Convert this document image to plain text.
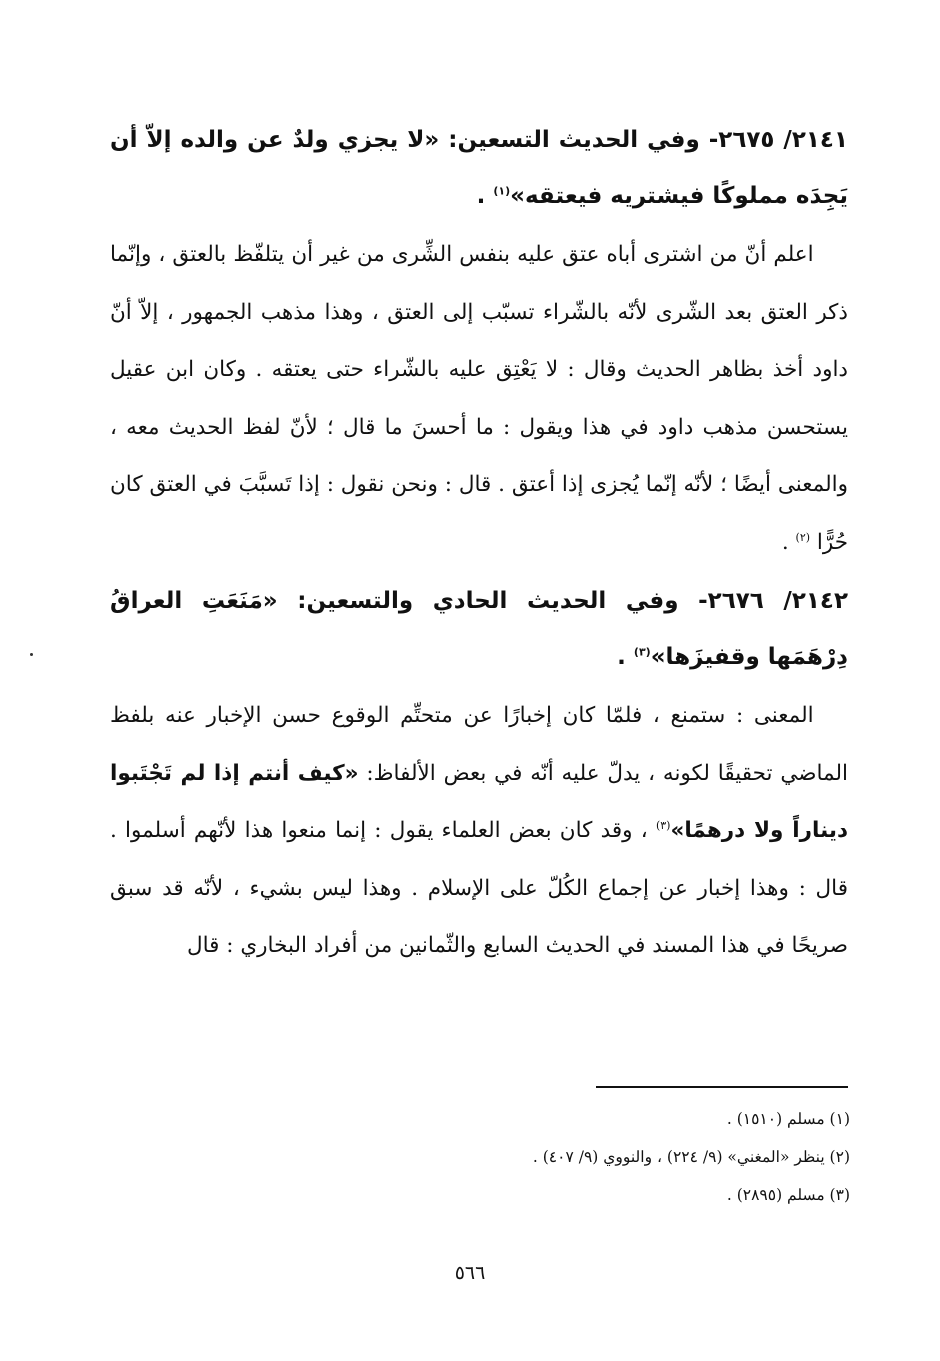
٢١٤١/ ٢٦٧٥- وفي الحديث التسعين: «لا يجزي ولدٌ عن والده إلاّ أن يَجِدَه مملوكًا فيشتريه فيعتقه»$^{(١)}$ .

اعلم أنّ من اشترى أباه عتق عليه بنفس الشِّرى من غير أن يتلفّظ بالعتق ، وإنّما ذكر العتق بعد الشّرى لأنّه بالشّراء تسبّب إلى العتق ، وهذا مذهب الجمهور ، إلاّ أنّ داود أخذ بظاهر الحديث وقال : لا يَعْتِق عليه بالشّراء حتى يعتقه . وكان ابن عقيل يستحسن مذهب داود في هذا ويقول : ما أحسنَ ما قال ؛ لأنّ لفظ الحديث معه ، والمعنى أيضًا ؛ لأنّه إنّما يُجزى إذا أعتق . قال : ونحن نقول : إذا تَسبَّبَ في العتق كان حُرًّا $^{(٢)}$ .

٢١٤٢/ ٢٦٧٦- وفي الحديث الحادي والتسعين: «مَنَعَتِ العراقُ دِرْهَمَها وقفيزَها»$^{(٣)}$ .

المعنى : ستمنع ، فلمّا كان إخبارًا عن متحتِّم الوقوع حسن الإخبار عنه بلفظ الماضي تحقيقًا لكونه ، يدلّ عليه أنّه في بعض الألفاظ: «كيف أنتم إذا لم تَجْتَبوا ديناراً ولا درهمًا»$^{(٣)}$ ، وقد كان بعض العلماء يقول : إنما منعوا هذا لأنّهم أسلموا . قال : وهذا إخبار عن إجماع الكُلّ على الإسلام . وهذا ليس بشيء ، لأنّه قد سبق صريحًا في هذا المسند في الحديث السابع والثّمانين من أفراد البخاري : قال

(١) مسلم (١٥١٠) .

(٢) ينظر «المغني» (٩/ ٢٢٤) ، والنووي (٩/ ٤٠٧) .

(٣) مسلم (٢٨٩٥) .

٥٦٦
